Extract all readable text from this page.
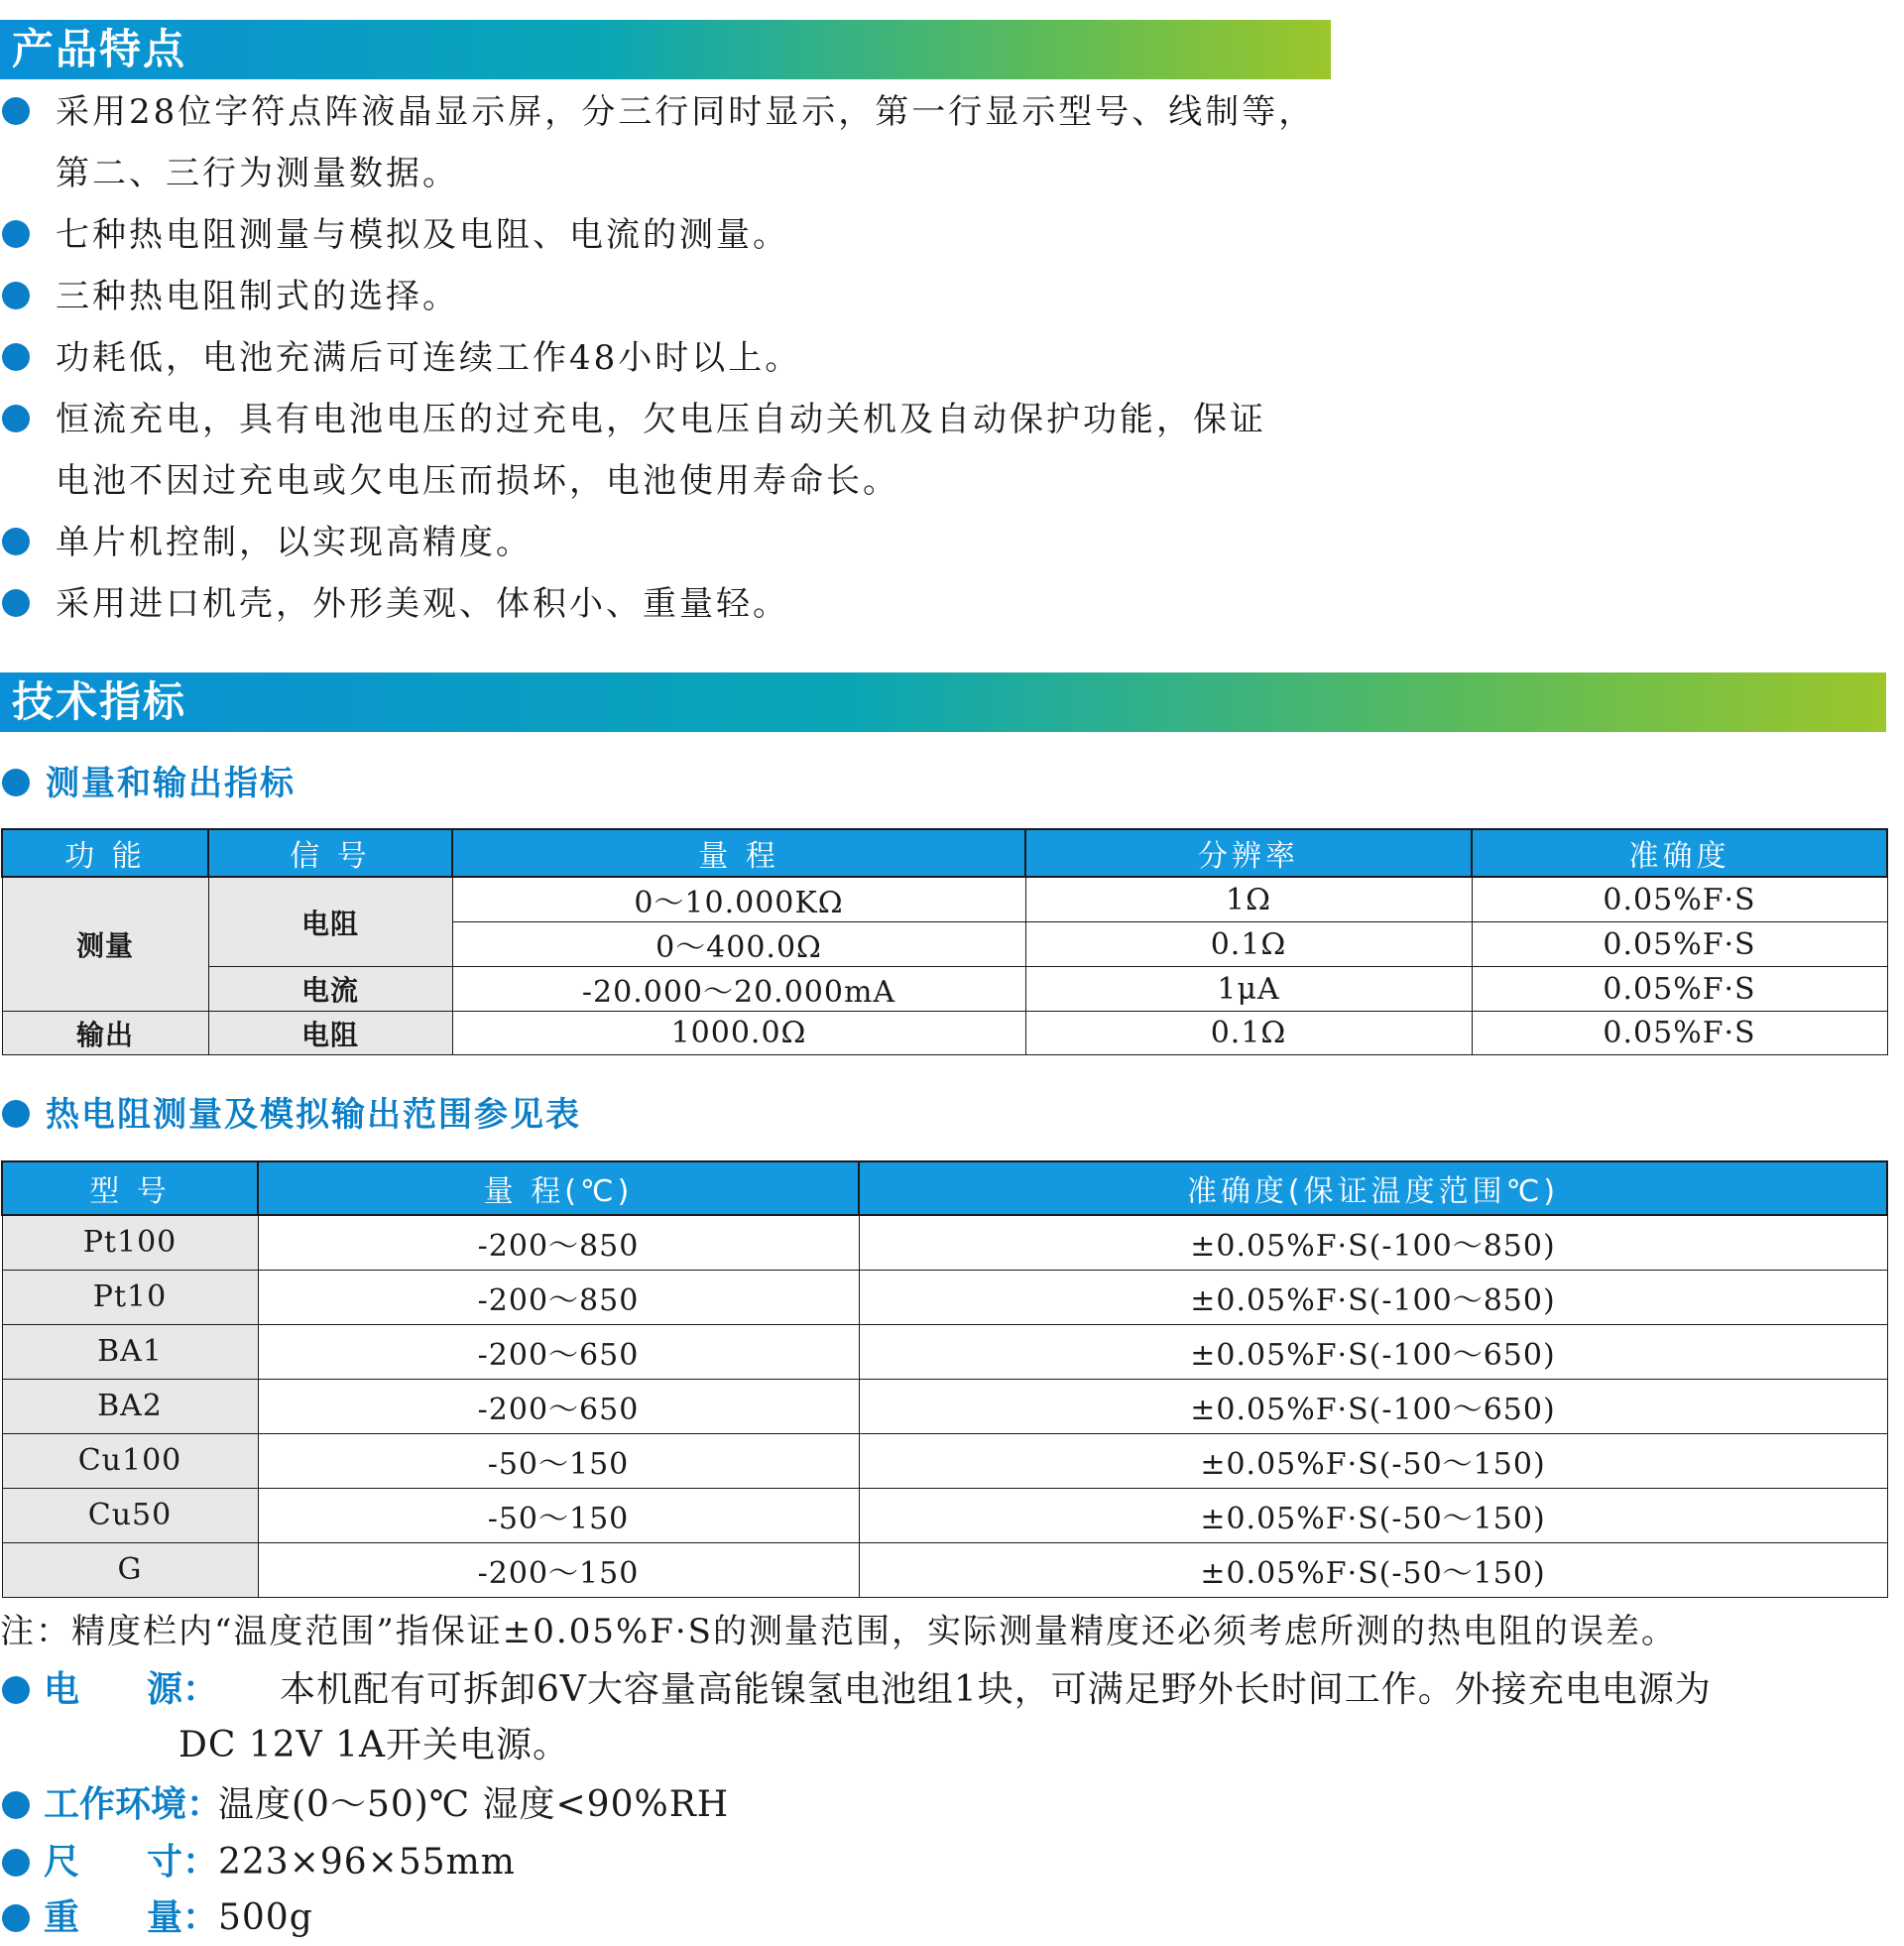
产品特点
采用28位字符点阵液晶显示屏，分三行同时显示，第一行显示型号、线制等，
第二、三行为测量数据。
七种热电阻测量与模拟及电阻、电流的测量。
三种热电阻制式的选择。
功耗低，电池充满后可连续工作48小时以上。
恒流充电，具有电池电压的过充电，欠电压自动关机及自动保护功能，保证
电池不因过充电或欠电压而损坏，电池使用寿命长。
单片机控制，以实现高精度。
采用进口机壳，外形美观、体积小、重量轻。
技术指标
测量和输出指标
功 能	信 号	量 程	分辨率	准确度
测量	电阻	0～10.000KΩ	1Ω	0.05%F·S
		0～400.0Ω	0.1Ω	0.05%F·S
	电流	-20.000～20.000mA	1μA	0.05%F·S
输出	电阻	1000.0Ω	0.1Ω	0.05%F·S
热电阻测量及模拟输出范围参见表
型 号	量 程(℃)	准确度(保证温度范围℃)
Pt100	-200～850	±0.05%F·S(-100～850)
Pt10	-200～850	±0.05%F·S(-100～850)
BA1	-200～650	±0.05%F·S(-100～650)
BA2	-200～650	±0.05%F·S(-100～650)
Cu100	-50～150	±0.05%F·S(-50～150)
Cu50	-50～150	±0.05%F·S(-50～150)
G	-200～150	±0.05%F·S(-50～150)
注：精度栏内“温度范围”指保证±0.05%F·S的测量范围，实际测量精度还必须考虑所测的热电阻的误差。
电 源： 本机配有可拆卸6V大容量高能镍氢电池组1块，可满足野外长时间工作。外接充电电源为
DC 12V 1A开关电源。
工作环境：
温度(0～50)℃ 湿度<90%RH
尺 寸： 223×96×55mm
重 量： 500g
